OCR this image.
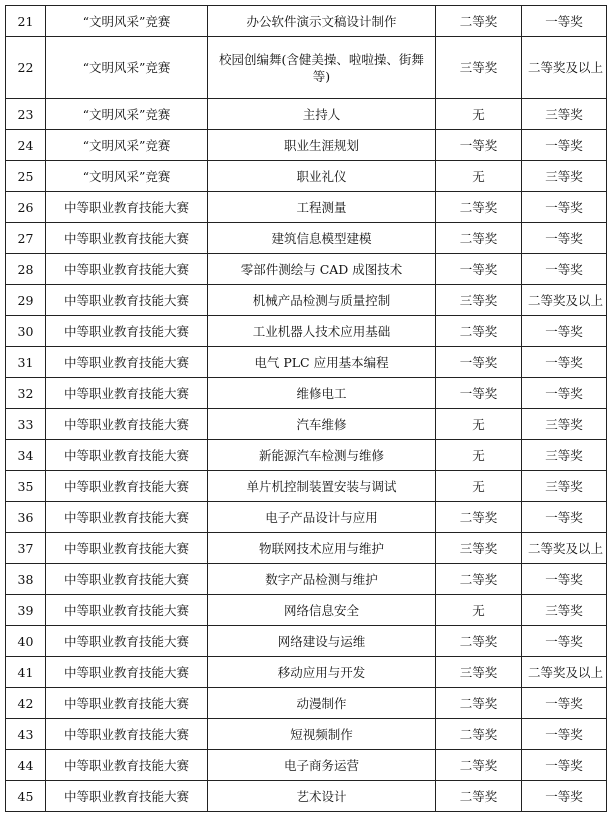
21	“文明风采”竞赛	办公软件演示文稿设计制作	二等奖	一等奖
22	“文明风采”竞赛	校园创编舞(含健美操、啦啦操、街舞等)	三等奖	二等奖及以上
23	“文明风采”竞赛	主持人	无	三等奖
24	“文明风采”竞赛	职业生涯规划	一等奖	一等奖
25	“文明风采”竞赛	职业礼仪	无	三等奖
26	中等职业教育技能大赛	工程测量	二等奖	一等奖
27	中等职业教育技能大赛	建筑信息模型建模	二等奖	一等奖
28	中等职业教育技能大赛	零部件测绘与 CAD 成图技术	一等奖	一等奖
29	中等职业教育技能大赛	机械产品检测与质量控制	三等奖	二等奖及以上
30	中等职业教育技能大赛	工业机器人技术应用基础	二等奖	一等奖
31	中等职业教育技能大赛	电气 PLC 应用基本编程	一等奖	一等奖
32	中等职业教育技能大赛	维修电工	一等奖	一等奖
33	中等职业教育技能大赛	汽车维修	无	三等奖
34	中等职业教育技能大赛	新能源汽车检测与维修	无	三等奖
35	中等职业教育技能大赛	单片机控制装置安装与调试	无	三等奖
36	中等职业教育技能大赛	电子产品设计与应用	二等奖	一等奖
37	中等职业教育技能大赛	物联网技术应用与维护	三等奖	二等奖及以上
38	中等职业教育技能大赛	数字产品检测与维护	二等奖	一等奖
39	中等职业教育技能大赛	网络信息安全	无	三等奖
40	中等职业教育技能大赛	网络建设与运维	二等奖	一等奖
41	中等职业教育技能大赛	移动应用与开发	三等奖	二等奖及以上
42	中等职业教育技能大赛	动漫制作	二等奖	一等奖
43	中等职业教育技能大赛	短视频制作	二等奖	一等奖
44	中等职业教育技能大赛	电子商务运营	二等奖	一等奖
45	中等职业教育技能大赛	艺术设计	二等奖	一等奖
